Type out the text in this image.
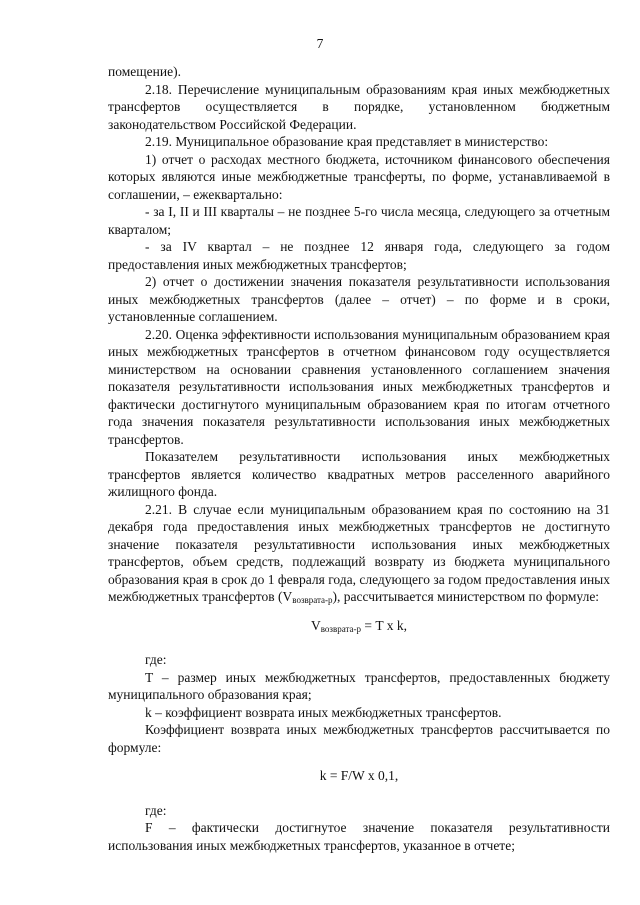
7

помещение).

2.18. Перечисление муниципальным образованиям края иных межбюджетных трансфертов осуществляется в порядке, установленном бюджетным законодательством Российской Федерации.

2.19. Муниципальное образование края представляет в министерство:

1) отчет о расходах местного бюджета, источником финансового обеспечения которых являются иные межбюджетные трансферты, по форме, устанавливаемой в соглашении, – ежеквартально:

- за I, II и III кварталы – не позднее 5-го числа месяца, следующего за отчетным кварталом;

- за IV квартал – не позднее 12 января года, следующего за годом предоставления иных межбюджетных трансфертов;

2) отчет о достижении значения показателя результативности использования иных межбюджетных трансфертов (далее – отчет) – по форме и в сроки, установленные соглашением.

2.20. Оценка эффективности использования муниципальным образованием края иных межбюджетных трансфертов в отчетном финансовом году осуществляется министерством на основании сравнения установленного соглашением значения показателя результативности использования иных межбюджетных трансфертов и фактически достигнутого муниципальным образованием края по итогам отчетного года значения показателя результативности использования иных межбюджетных трансфертов.

Показателем результативности использования иных межбюджетных трансфертов является количество квадратных метров расселенного аварийного жилищного фонда.

2.21. В случае если муниципальным образованием края по состоянию на 31 декабря года предоставления иных межбюджетных трансфертов не достигнуто значение показателя результативности использования иных межбюджетных трансфертов, объем средств, подлежащий возврату из бюджета муниципального образования края в срок до 1 февраля года, следующего за годом предоставления иных межбюджетных трансфертов $(V_{возврата-р})$, рассчитывается министерством по формуле:

$V_{возврата-р} = T$ x k,

где:

T – размер иных межбюджетных трансфертов, предоставленных бюджету муниципального образования края;

k – коэффициент возврата иных межбюджетных трансфертов.

Коэффициент возврата иных межбюджетных трансфертов рассчитывается по формуле:

k = F/W x 0,1,

где:

F – фактически достигнутое значение показателя результативности использования иных межбюджетных трансфертов, указанное в отчете;
